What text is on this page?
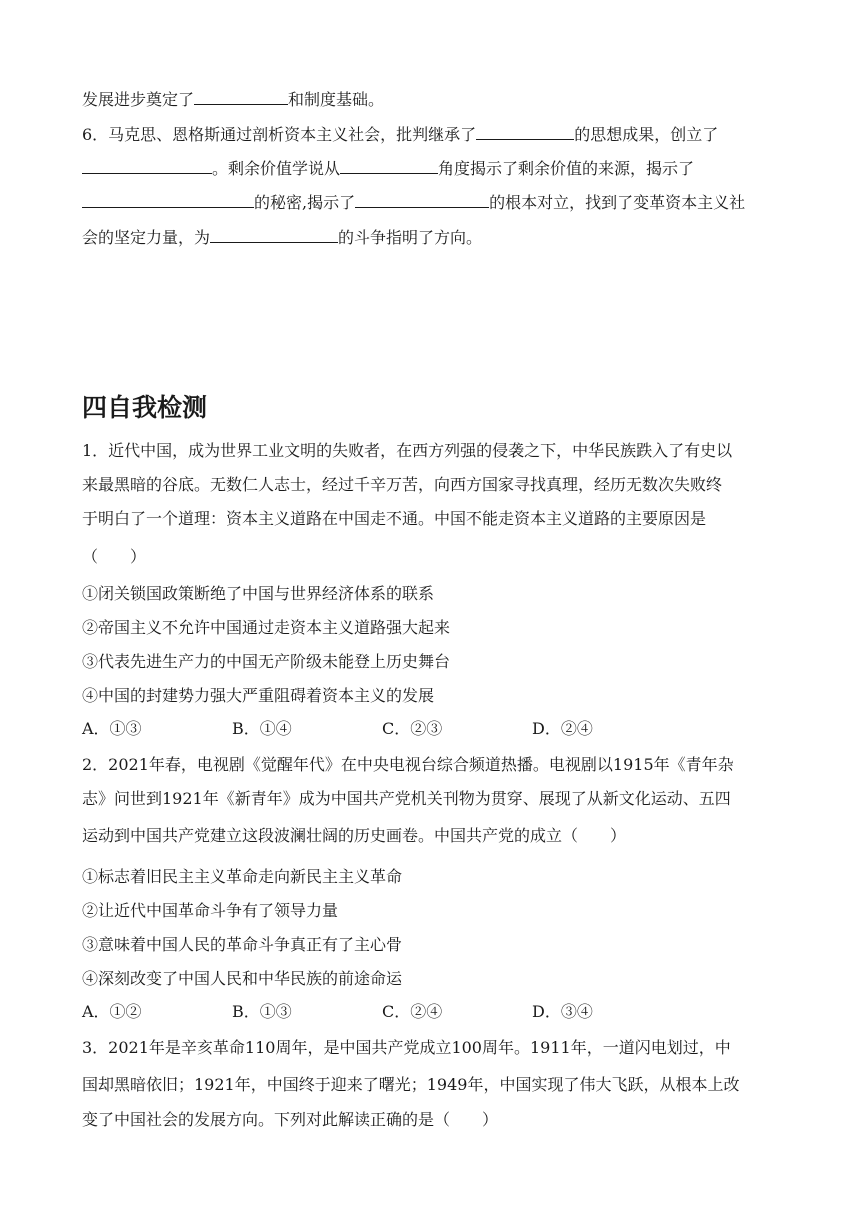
发展进步奠定了	和制度基础。
6．马克思、恩格斯通过剖析资本主义社会，批判继承了	的思想成果，创立了
。剩余价值学说从	角度揭示了剩余价值的来源，揭示了
的秘密,揭示了	的根本对立，找到了变革资本主义社
会的坚定力量，为	的斗争指明了方向。
四自我检测
1．近代中国，成为世界工业文明的失败者，在西方列强的侵袭之下，中华民族跌入了有史以
来最黑暗的谷底。无数仁人志士，经过千辛万苦，向西方国家寻找真理，经历无数次失败终
于明白了一个道理：资本主义道路在中国走不通。中国不能走资本主义道路的主要原因是
（　　）
①闭关锁国政策断绝了中国与世界经济体系的联系
②帝国主义不允许中国通过走资本主义道路强大起来
③代表先进生产力的中国无产阶级未能登上历史舞台
④中国的封建势力强大严重阻碍着资本主义的发展
A．①③	B．①④	C．②③	D．②④
2．2021年春，电视剧《觉醒年代》在中央电视台综合频道热播。电视剧以1915年《青年杂
志》问世到1921年《新青年》成为中国共产党机关刊物为贯穿、展现了从新文化运动、五四
运动到中国共产党建立这段波澜壮阔的历史画卷。中国共产党的成立（　　）
①标志着旧民主主义革命走向新民主主义革命
②让近代中国革命斗争有了领导力量
③意味着中国人民的革命斗争真正有了主心骨
④深刻改变了中国人民和中华民族的前途命运
A．①②	B．①③	C．②④	D．③④
3．2021年是辛亥革命110周年，是中国共产党成立100周年。1911年，一道闪电划过，中
国却黑暗依旧；1921年，中国终于迎来了曙光；1949年，中国实现了伟大飞跃，从根本上改
变了中国社会的发展方向。下列对此解读正确的是（　　）
